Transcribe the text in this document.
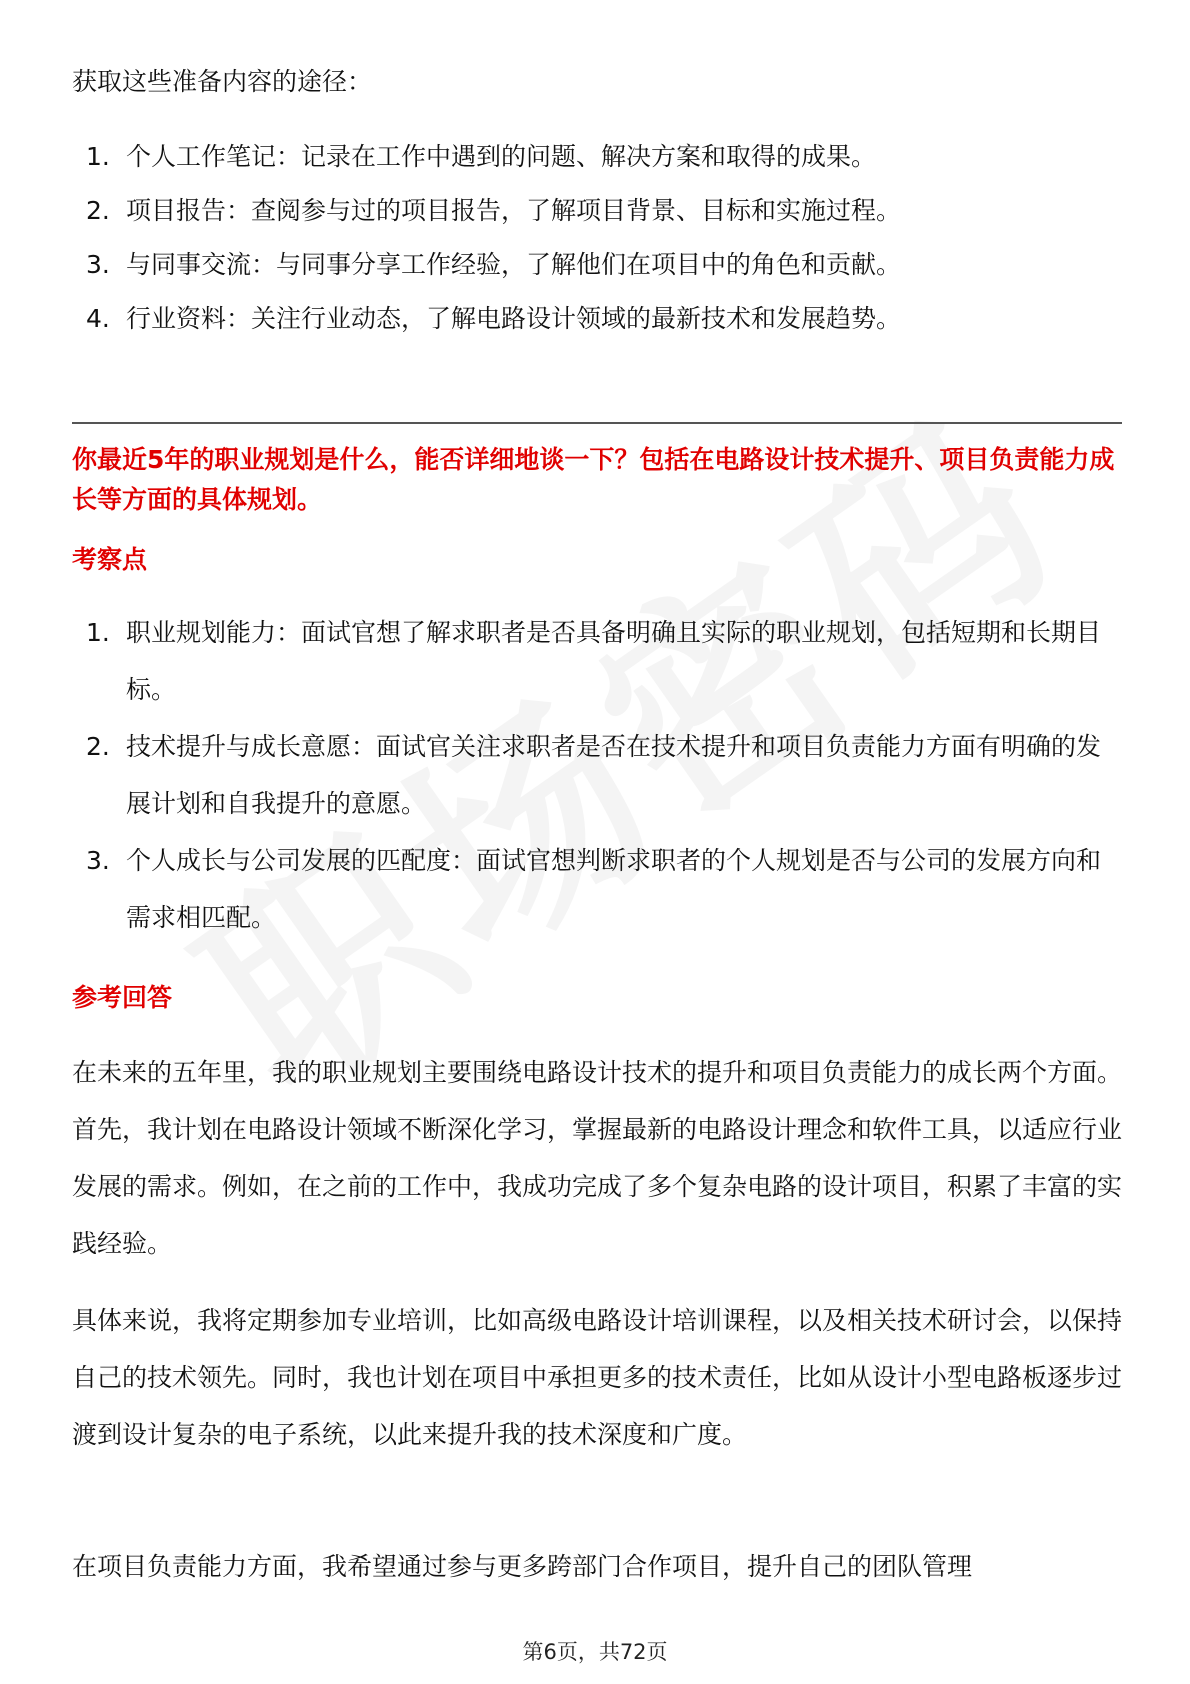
获取这些准备内容的途径：
1. 个人工作笔记：记录在工作中遇到的问题、解决方案和取得的成果。
2. 项目报告：查阅参与过的项目报告，了解项目背景、目标和实施过程。
3. 与同事交流：与同事分享工作经验，了解他们在项目中的角色和贡献。
4. 行业资料：关注行业动态，了解电路设计领域的最新技术和发展趋势。
你最近5年的职业规划是什么，能否详细地谈一下？包括在电路设计技术提升、项目负责能力成长等方面的具体规划。
考察点
1. 职业规划能力：面试官想了解求职者是否具备明确且实际的职业规划，包括短期和长期目标。
2. 技术提升与成长意愿：面试官关注求职者是否在技术提升和项目负责能力方面有明确的发展计划和自我提升的意愿。
3. 个人成长与公司发展的匹配度：面试官想判断求职者的个人规划是否与公司的发展方向和需求相匹配。
参考回答
在未来的五年里，我的职业规划主要围绕电路设计技术的提升和项目负责能力的成长两个方面。首先，我计划在电路设计领域不断深化学习，掌握最新的电路设计理念和软件工具，以适应行业发展的需求。例如，在之前的工作中，我成功完成了多个复杂电路的设计项目，积累了丰富的实践经验。
具体来说，我将定期参加专业培训，比如高级电路设计培训课程，以及相关技术研讨会，以保持自己的技术领先。同时，我也计划在项目中承担更多的技术责任，比如从设计小型电路板逐步过渡到设计复杂的电子系统，以此来提升我的技术深度和广度。
在项目负责能力方面，我希望通过参与更多跨部门合作项目，提升自己的团队管理
第6页，共72页
